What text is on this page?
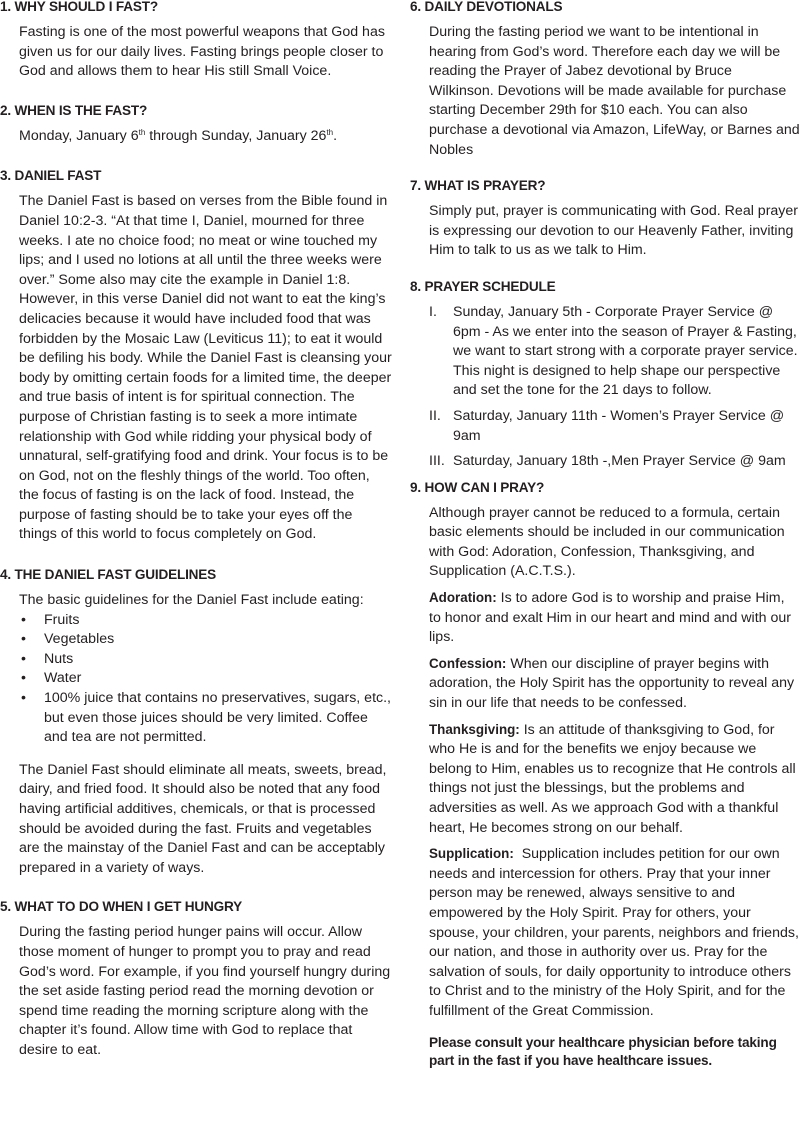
1. WHY SHOULD I FAST?

Fasting is one of the most powerful weapons that God has given us for our daily lives. Fasting brings people closer to God and allows them to hear His still Small Voice.

2. WHEN IS THE FAST?

Monday, January 6th through Sunday, January 26th.

3. DANIEL FAST

The Daniel Fast is based on verses from the Bible found in Daniel 10:2-3. “At that time I, Daniel, mourned for three weeks. I ate no choice food; no meat or wine touched my lips; and I used no lotions at all until the three weeks were over.” Some also may cite the example in Daniel 1:8. However, in this verse Daniel did not want to eat the king’s delicacies because it would have included food that was forbidden by the Mosaic Law (Leviticus 11); to eat it would be defiling his body. While the Daniel Fast is cleansing your body by omitting certain foods for a limited time, the deeper and true basis of intent is for spiritual connection. The purpose of Christian fasting is to seek a more intimate relationship with God while ridding your physical body of unnatural, self-gratifying food and drink. Your focus is to be on God, not on the fleshly things of the world. Too often, the focus of fasting is on the lack of food. Instead, the purpose of fasting should be to take your eyes off the things of this world to focus completely on God.

4. THE DANIEL FAST GUIDELINES

The basic guidelines for the Daniel Fast include eating:

• Fruits
• Vegetables
• Nuts
• Water
• 100% juice that contains no preservatives, sugars, etc., but even those juices should be very limited. Coffee and tea are not permitted.

The Daniel Fast should eliminate all meats, sweets, bread, dairy, and fried food. It should also be noted that any food having artificial additives, chemicals, or that is processed should be avoided during the fast. Fruits and vegetables are the mainstay of the Daniel Fast and can be acceptably prepared in a variety of ways.

5. WHAT TO DO WHEN I GET HUNGRY

During the fasting period hunger pains will occur. Allow those moment of hunger to prompt you to pray and read God’s word. For example, if you find yourself hungry during the set aside fasting period read the morning devotion or spend time reading the morning scripture along with the chapter it’s found. Allow time with God to replace that desire to eat.

6. DAILY DEVOTIONALS

During the fasting period we want to be intentional in hearing from God’s word. Therefore each day we will be reading the Prayer of Jabez devotional by Bruce Wilkinson. Devotions will be made available for purchase starting December 29th for $10 each. You can also purchase a devotional via Amazon, LifeWay, or Barnes and Nobles

7. WHAT IS PRAYER?

Simply put, prayer is communicating with God. Real prayer is expressing our devotion to our Heavenly Father, inviting Him to talk to us as we talk to Him.

8. PRAYER SCHEDULE
I. Sunday, January 5th - Corporate Prayer Service @ 6pm - As we enter into the season of Prayer & Fasting, we want to start strong with a corporate prayer service. This night is designed to help shape our perspective and set the tone for the 21 days to follow.
II. Saturday, January 11th - Women’s Prayer Service @ 9am
III. Saturday, January 18th -,Men Prayer Service @ 9am
9. HOW CAN I PRAY?

Although prayer cannot be reduced to a formula, certain basic elements should be included in our communication with God: Adoration, Confession, Thanksgiving, and Supplication (A.C.T.S.).

Adoration: Is to adore God is to worship and praise Him, to honor and exalt Him in our heart and mind and with our lips.

Confession: When our discipline of prayer begins with adoration, the Holy Spirit has the opportunity to reveal any sin in our life that needs to be confessed.

Thanksgiving: Is an attitude of thanksgiving to God, for who He is and for the benefits we enjoy because we belong to Him, enables us to recognize that He controls all things not just the blessings, but the problems and adversities as well. As we approach God with a thankful heart, He becomes strong on our behalf.

Supplication:  Supplication includes petition for our own needs and intercession for others. Pray that your inner person may be renewed, always sensitive to and empowered by the Holy Spirit. Pray for others, your spouse, your children, your parents, neighbors and friends, our nation, and those in authority over us. Pray for the salvation of souls, for daily opportunity to introduce others to Christ and to the ministry of the Holy Spirit, and for the fulfillment of the Great Commission.

Please consult your healthcare physician before taking part in the fast if you have healthcare issues.
